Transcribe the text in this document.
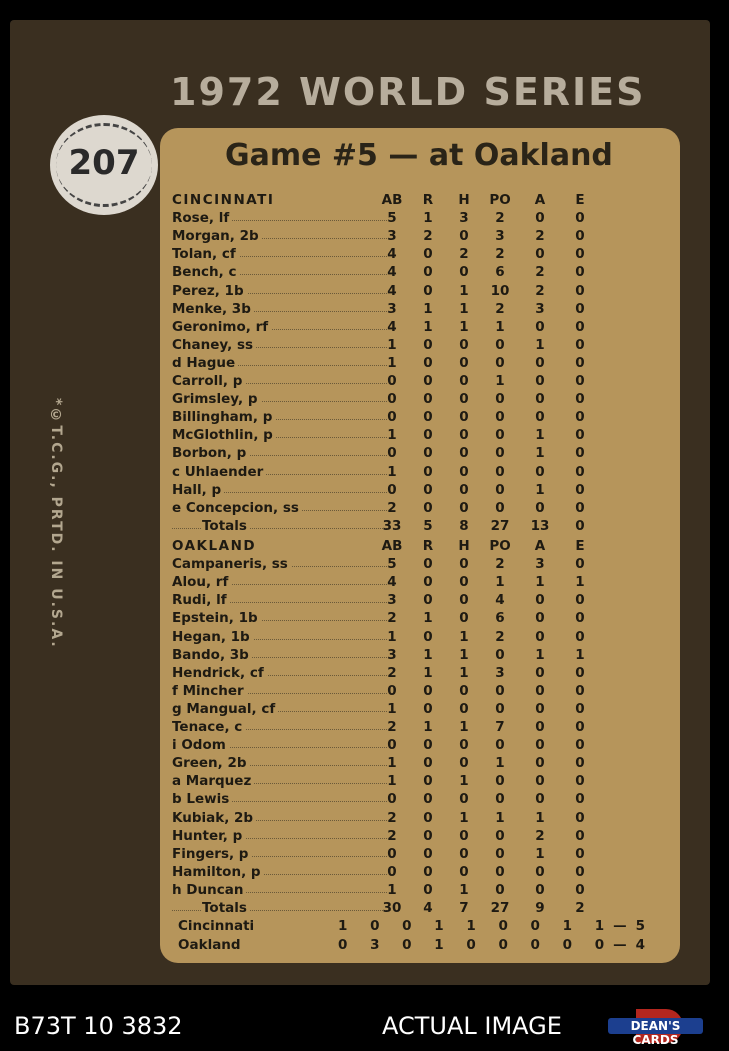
1972 WORLD SERIES
207	Game #5 — at Oakland
*©T.C.G., PRTD. IN U.S.A.
CINCINNATI	AB	R	H	PO	A	E
Rose, lf	5	1	3	2	0	0
Morgan, 2b	3	2	0	3	2	0
Tolan, cf	4	0	2	2	0	0
Bench, c	4	0	0	6	2	0
Perez, 1b	4	0	1	10	2	0
Menke, 3b	3	1	1	2	3	0
Geronimo, rf	4	1	1	1	0	0
Chaney, ss	1	0	0	0	1	0
d Hague	1	0	0	0	0	0
Carroll, p	0	0	0	1	0	0
Grimsley, p	0	0	0	0	0	0
Billingham, p	0	0	0	0	0	0
McGlothlin, p	1	0	0	0	1	0
Borbon, p	0	0	0	0	1	0
c Uhlaender	1	0	0	0	0	0
Hall, p	0	0	0	0	1	0
e Concepcion, ss	2	0	0	0	0	0
Totals	33	5	8	27	13	0
OAKLAND	AB	R	H	PO	A	E
Campaneris, ss	5	0	0	2	3	0
Alou, rf	4	0	0	1	1	1
Rudi, lf	3	0	0	4	0	0
Epstein, 1b	2	1	0	6	0	0
Hegan, 1b	1	0	1	2	0	0
Bando, 3b	3	1	1	0	1	1
Hendrick, cf	2	1	1	3	0	0
f Mincher	0	0	0	0	0	0
g Mangual, cf	1	0	0	0	0	0
Tenace, c	2	1	1	7	0	0
i Odom	0	0	0	0	0	0
Green, 2b	1	0	0	1	0	0
a Marquez	1	0	1	0	0	0
b Lewis	0	0	0	0	0	0
Kubiak, 2b	2	0	1	1	1	0
Hunter, p	2	0	0	0	2	0
Fingers, p	0	0	0	0	1	0
Hamilton, p	0	0	0	0	0	0
h Duncan	1	0	1	0	0	0
Totals	30	4	7	27	9	2
Cincinnati	1 0 0 1 1 0 0 1 1—5
Oakland	0 3 0 1 0 0 0 0 0—4
B73T 10 3832	ACTUAL IMAGE	DEAN'S CARDS
